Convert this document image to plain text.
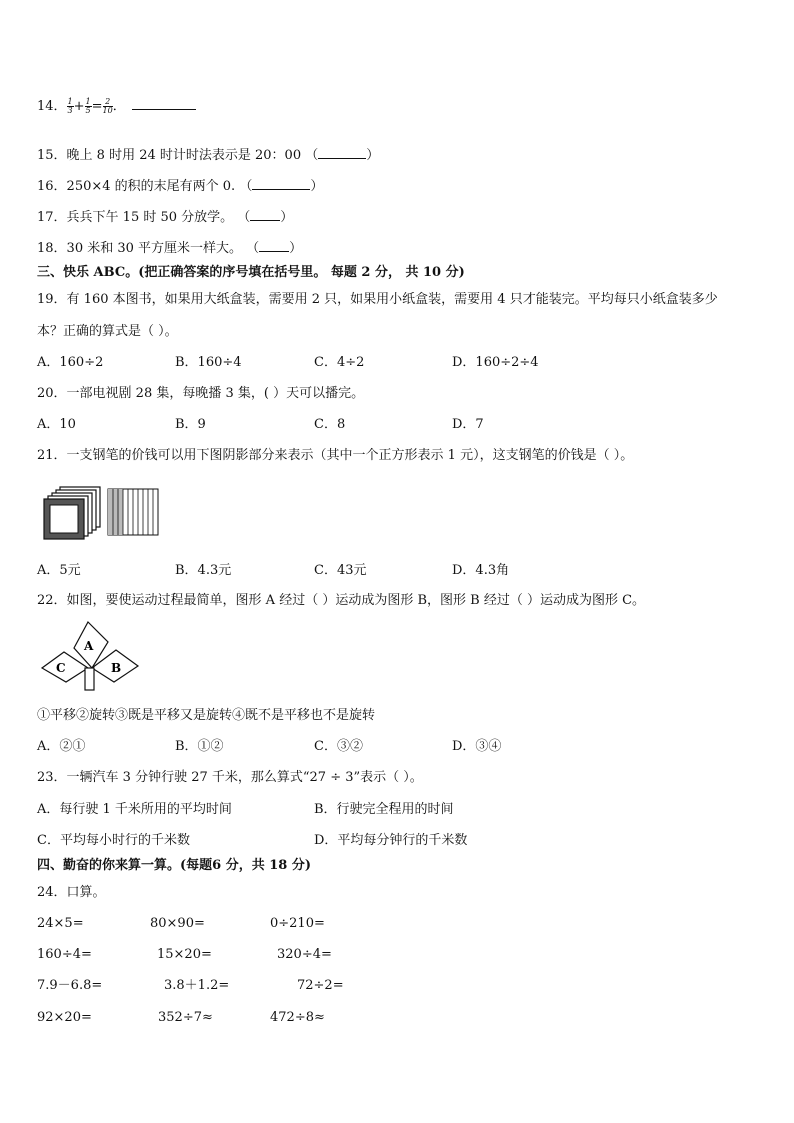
14． $\frac{1}{3} + \frac{1}{5} = \frac{2}{10}$ ．
15．晚上 8 时用 24 时计时法表示是 20：00 （	）
16．250×4 的积的末尾有两个 0. （	）
17．兵兵下午 15 时 50 分放学。 （ ）
18．30 米和 30 平方厘米一样大。 （ ）
三、快乐 ABC。(把正确答案的序号填在括号里。 每题 2 分， 共 10 分)
19．有 160 本图书，如果用大纸盒装，需要用 2 只，如果用小纸盒装，需要用 4 只才能装完。平均每只小纸盒装多少
本？正确的算式是（ ）。
A．160÷2	B．160÷4	C．4÷2	D．160÷2÷4
20．一部电视剧 28 集，每晚播 3 集，( ）天可以播完。
A．10	B．9	C．8	D．7
21．一支钢笔的价钱可以用下图阴影部分来表示（其中一个正方形表示 1 元），这支钢笔的价钱是（ ）。
A．5元	B．4.3元	C．43元	D．4.3角
22．如图，要使运动过程最简单，图形 A 经过（ ）运动成为图形 B，图形 B 经过（ ）运动成为图形 C。
A
B
C
①平移②旋转③既是平移又是旋转④既不是平移也不是旋转
A．②①	B．①②	C．③②	D．③④
23．一辆汽车 3 分钟行驶 27 千米，那么算式“27 ÷ 3”表示（ ）。
A．每行驶 1 千米所用的平均时间	B．行驶完全程用的时间
C．平均每小时行的千米数	D．平均每分钟行的千米数
四、勤奋的你来算一算。(每题6 分，共 18 分)
24．口算。
24×5=	80×90=	0÷210=
160÷4=	15×20=	320÷4=
7.9－6.8=	3.8＋1.2=	72÷2=
92×20=	352÷7≈	472÷8≈
